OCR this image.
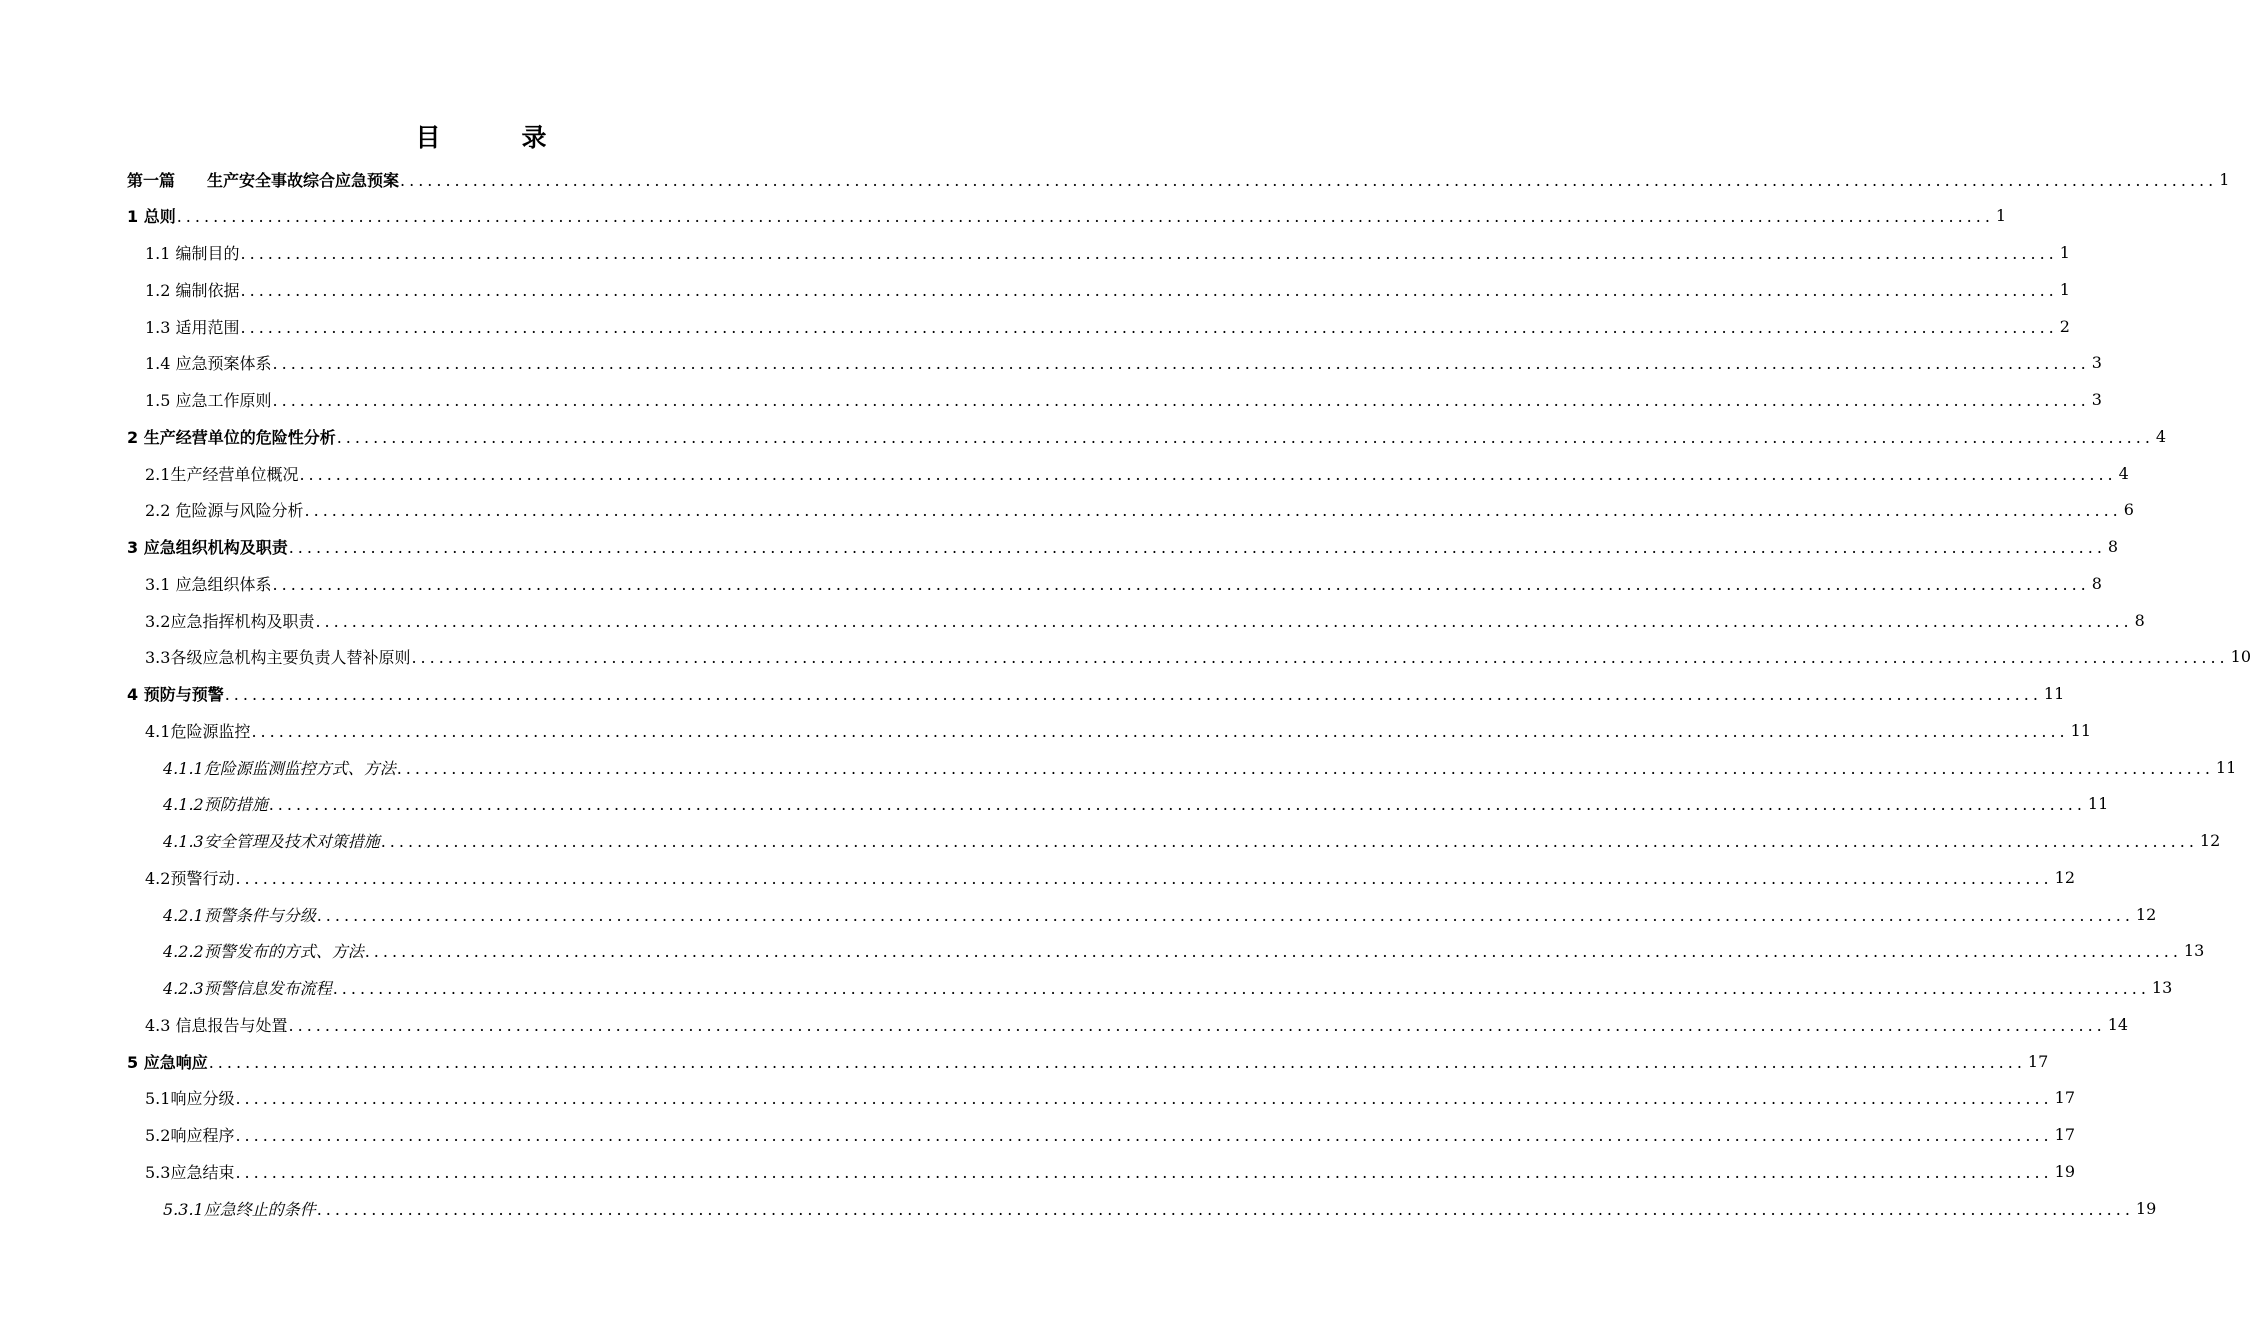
目　录
第一篇　　生产安全事故综合应急预案 ........................................................................................................................................................................................................ 1
1 总则 ........................................................................................................................................................................................................ 1
1.1 编制目的 ........................................................................................................................................................................................................ 1
1.2 编制依据 ........................................................................................................................................................................................................ 1
1.3 适用范围 ........................................................................................................................................................................................................ 2
1.4 应急预案体系 ........................................................................................................................................................................................................ 3
1.5 应急工作原则 ........................................................................................................................................................................................................ 3
2 生产经营单位的危险性分析 ........................................................................................................................................................................................................ 4
2.1生产经营单位概况 ........................................................................................................................................................................................................ 4
2.2 危险源与风险分析 ........................................................................................................................................................................................................ 6
3 应急组织机构及职责 ........................................................................................................................................................................................................ 8
3.1 应急组织体系 ........................................................................................................................................................................................................ 8
3.2应急指挥机构及职责 ........................................................................................................................................................................................................ 8
3.3各级应急机构主要负责人替补原则 ........................................................................................................................................................................................................ 10
4 预防与预警 ........................................................................................................................................................................................................ 11
4.1危险源监控 ........................................................................................................................................................................................................ 11
4.1.1危险源监测监控方式、方法 ........................................................................................................................................................................................................ 11
4.1.2预防措施 ........................................................................................................................................................................................................ 11
4.1.3安全管理及技术对策措施 ........................................................................................................................................................................................................ 12
4.2预警行动 ........................................................................................................................................................................................................ 12
4.2.1预警条件与分级 ........................................................................................................................................................................................................ 12
4.2.2预警发布的方式、方法 ........................................................................................................................................................................................................ 13
4.2.3预警信息发布流程 ........................................................................................................................................................................................................ 13
4.3 信息报告与处置 ........................................................................................................................................................................................................ 14
5 应急响应 ........................................................................................................................................................................................................ 17
5.1响应分级 ........................................................................................................................................................................................................ 17
5.2响应程序 ........................................................................................................................................................................................................ 17
5.3应急结束 ........................................................................................................................................................................................................ 19
5.3.1应急终止的条件 ........................................................................................................................................................................................................ 19
